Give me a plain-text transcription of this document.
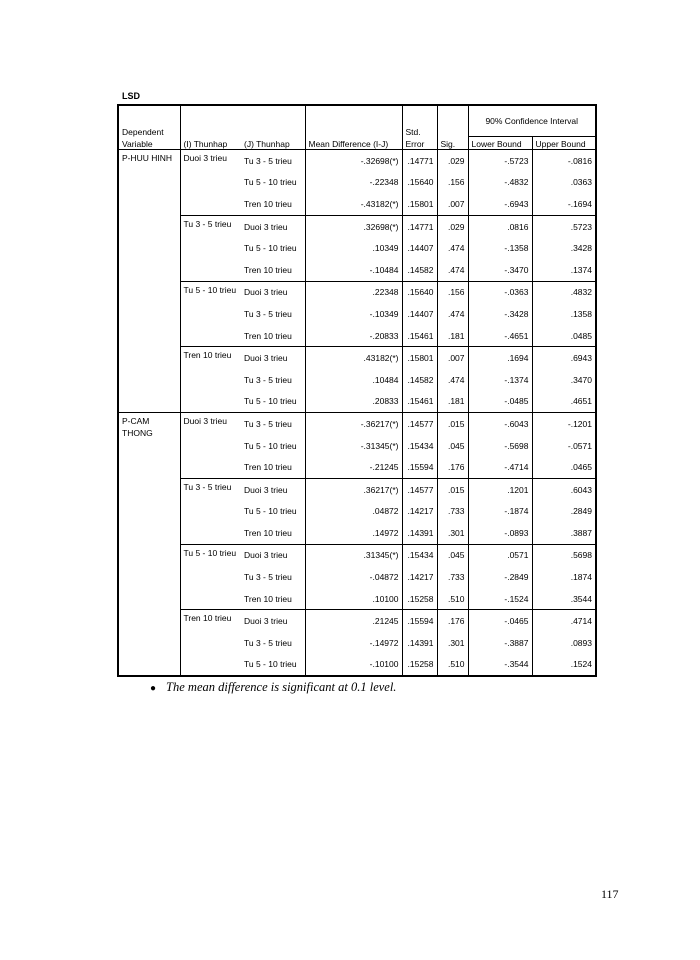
LSD
Dependent				Std.		90% Confidence Interval	
Variable	(I) Thunhap	(J) Thunhap	Mean Difference (I-J)	Error	Sig.	Lower Bound	Upper Bound
P-HUU HINH	Duoi 3 trieu	Tu 3 - 5 trieu	-.32698(*)	.14771	.029	-.5723	-.0816
		Tu 5 - 10 trieu	-.22348	.15640	.156	-.4832	.0363
		Tren 10 trieu	-.43182(*)	.15801	.007	-.6943	-.1694
	Tu 3 - 5 trieu	Duoi 3 trieu	.32698(*)	.14771	.029	.0816	.5723
		Tu 5 - 10 trieu	.10349	.14407	.474	-.1358	.3428
		Tren 10 trieu	-.10484	.14582	.474	-.3470	.1374
	Tu 5 - 10 trieu	Duoi 3 trieu	.22348	.15640	.156	-.0363	.4832
		Tu 3 - 5 trieu	-.10349	.14407	.474	-.3428	.1358
		Tren 10 trieu	-.20833	.15461	.181	-.4651	.0485
	Tren 10 trieu	Duoi 3 trieu	.43182(*)	.15801	.007	.1694	.6943
		Tu 3 - 5 trieu	.10484	.14582	.474	-.1374	.3470
		Tu 5 - 10 trieu	.20833	.15461	.181	-.0485	.4651
P-CAM THONG	Duoi 3 trieu	Tu 3 - 5 trieu	-.36217(*)	.14577	.015	-.6043	-.1201
		Tu 5 - 10 trieu	-.31345(*)	.15434	.045	-.5698	-.0571
		Tren 10 trieu	-.21245	.15594	.176	-.4714	.0465
	Tu 3 - 5 trieu	Duoi 3 trieu	.36217(*)	.14577	.015	.1201	.6043
		Tu 5 - 10 trieu	.04872	.14217	.733	-.1874	.2849
		Tren 10 trieu	.14972	.14391	.301	-.0893	.3887
	Tu 5 - 10 trieu	Duoi 3 trieu	.31345(*)	.15434	.045	.0571	.5698
		Tu 3 - 5 trieu	-.04872	.14217	.733	-.2849	.1874
		Tren 10 trieu	.10100	.15258	.510	-.1524	.3544
	Tren 10 trieu	Duoi 3 trieu	.21245	.15594	.176	-.0465	.4714
		Tu 3 - 5 trieu	-.14972	.14391	.301	-.3887	.0893
		Tu 5 - 10 trieu	-.10100	.15258	.510	-.3544	.1524
● The mean difference is significant at 0.1 level.
117
